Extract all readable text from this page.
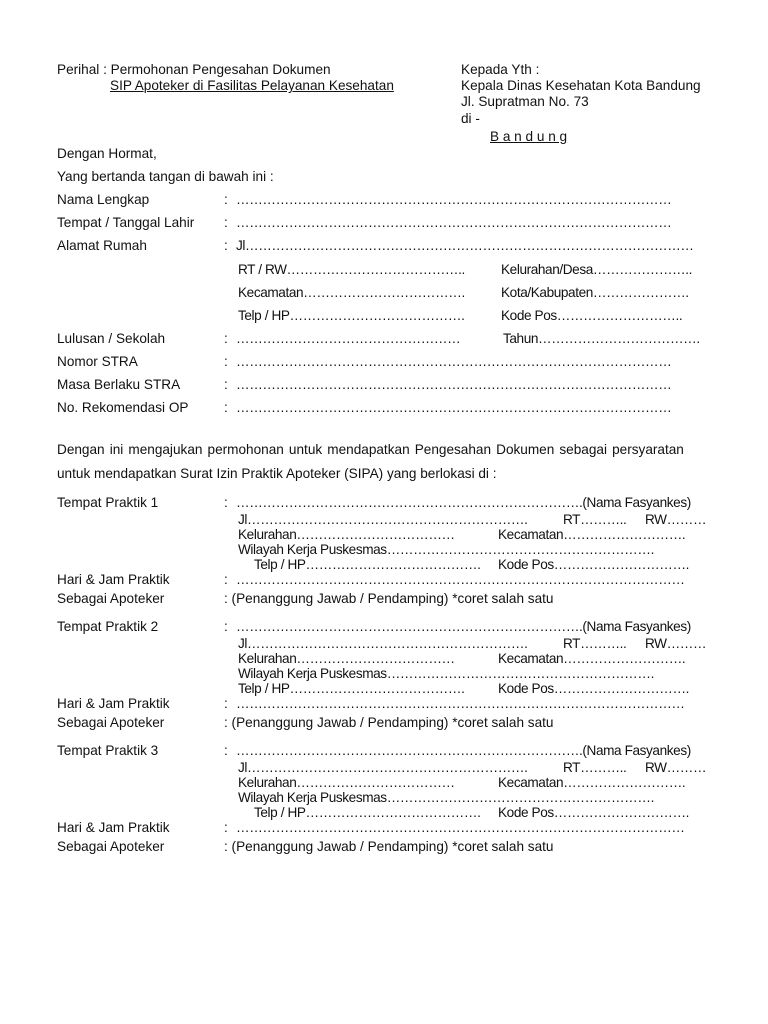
Perihal : Permohonan Pengesahan Dokumen
SIP Apoteker di Fasilitas Pelayanan Kesehatan
Kepada Yth :
Kepala Dinas Kesehatan Kota Bandung
Jl. Supratman No. 73
di -
B a n d u n g
Dengan Hormat,
Yang bertanda tangan di bawah ini :
Nama Lengkap	: ………………………………………………………………………………………
Tempat / Tanggal Lahir : ………………………………………………………………………………………
Alamat Rumah	: Jl…………………………………………………………………………………………
RT / RW…………………………………..	Kelurahan/Desa…………………..
Kecamatan……………………………….	Kota/Kabupaten………………….
Telp / HP………………………………….	Kode Pos………………………..
Lulusan / Sekolah	: ……………………………………………	Tahun……………………………….
Nomor STRA	: ………………………………………………………………………………………
Masa Berlaku STRA	: ………………………………………………………………………………………
No. Rekomendasi OP	: ………………………………………………………………………………………
Dengan ini mengajukan permohonan untuk mendapatkan Pengesahan Dokumen sebagai persyaratan
untuk mendapatkan Surat Izin Praktik Apoteker (SIPA) yang berlokasi di :
Tempat Praktik 1	: …………………………………………………………………….(Nama Fasyankes)
Jl……………………………………………………….	RT……….. RW………
Kelurahan………………………………	Kecamatan……………………….
Wilayah Kerja Puskesmas…………………………………………………….
Telp / HP…………………………………. Kode Pos………………………….
Hari & Jam Praktik	: …………………………………………………………………………………………
Sebagai Apoteker	: (Penanggung Jawab / Pendamping) *coret salah satu
Tempat Praktik 2	: …………………………………………………………………….(Nama Fasyankes)
Jl……………………………………………………….	RT……….. RW………
Kelurahan………………………………	Kecamatan……………………….
Wilayah Kerja Puskesmas…………………………………………………….
Telp / HP…………………………………. Kode Pos………………………….
Hari & Jam Praktik	: …………………………………………………………………………………………
Sebagai Apoteker	: (Penanggung Jawab / Pendamping) *coret salah satu
Tempat Praktik 3	: …………………………………………………………………….(Nama Fasyankes)
Jl……………………………………………………….	RT……….. RW………
Kelurahan………………………………	Kecamatan……………………….
Wilayah Kerja Puskesmas…………………………………………………….
Telp / HP…………………………………. Kode Pos………………………….
Hari & Jam Praktik	: …………………………………………………………………………………………
Sebagai Apoteker	: (Penanggung Jawab / Pendamping) *coret salah satu
